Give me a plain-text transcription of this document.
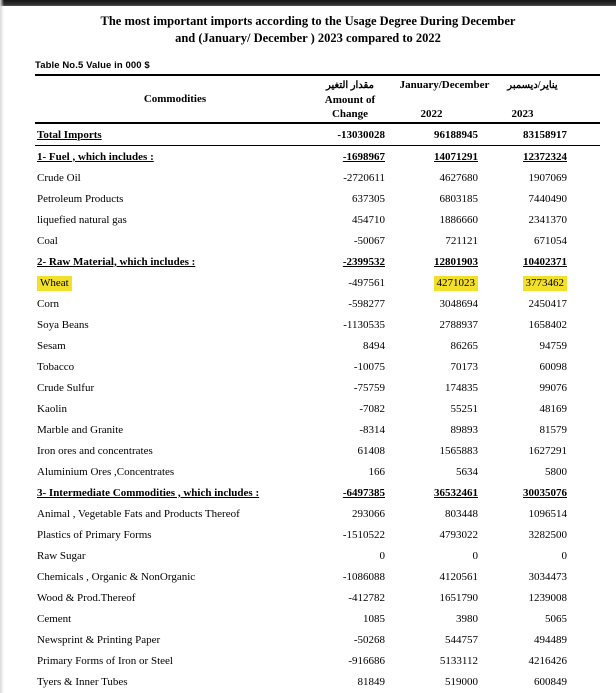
The most important imports according to the Usage Degree During December
and (January/ December ) 2023 compared to 2022
Table No.5 Value in 000 $
Commodities

مقدار التغير
Amount of
Change

January/December
2022

يناير/ديسمبر
2023

Total Imports	-13030028	96188945	83158917	
1- Fuel , which includes :	-1698967	14071291	12372324	
Crude Oil	-2720611	4627680	1907069	
Petroleum Products	637305	6803185	7440490	
liquefied natural gas	454710	1886660	2341370	
Coal	-50067	721121	671054	
2- Raw Material, which includes :	-2399532	12801903	10402371	
Wheat	-497561	4271023	3773462	
Corn	-598277	3048694	2450417	
Soya Beans	-1130535	2788937	1658402	
Sesam	8494	86265	94759	
Tobacco	-10075	70173	60098	
Crude Sulfur	-75759	174835	99076	
Kaolin	-7082	55251	48169	
Marble and Granite	-8314	89893	81579	
Iron ores and concentrates	61408	1565883	1627291	
Aluminium Ores ,Concentrates	166	5634	5800	
3- Intermediate Commodities , which includes :	-6497385	36532461	30035076	
Animal , Vegetable Fats and Products Thereof	293066	803448	1096514	
Plastics of Primary Forms	-1510522	4793022	3282500	
Raw Sugar	0	0	0	
Chemicals , Organic & NonOrganic	-1086088	4120561	3034473	
Wood & Prod.Thereof	-412782	1651790	1239008	
Cement	1085	3980	5065	
Newsprint & Printing Paper	-50268	544757	494489	
Primary Forms of Iron or Steel	-916686	5133112	4216426	
Tyers & Inner Tubes	81849	519000	600849	
